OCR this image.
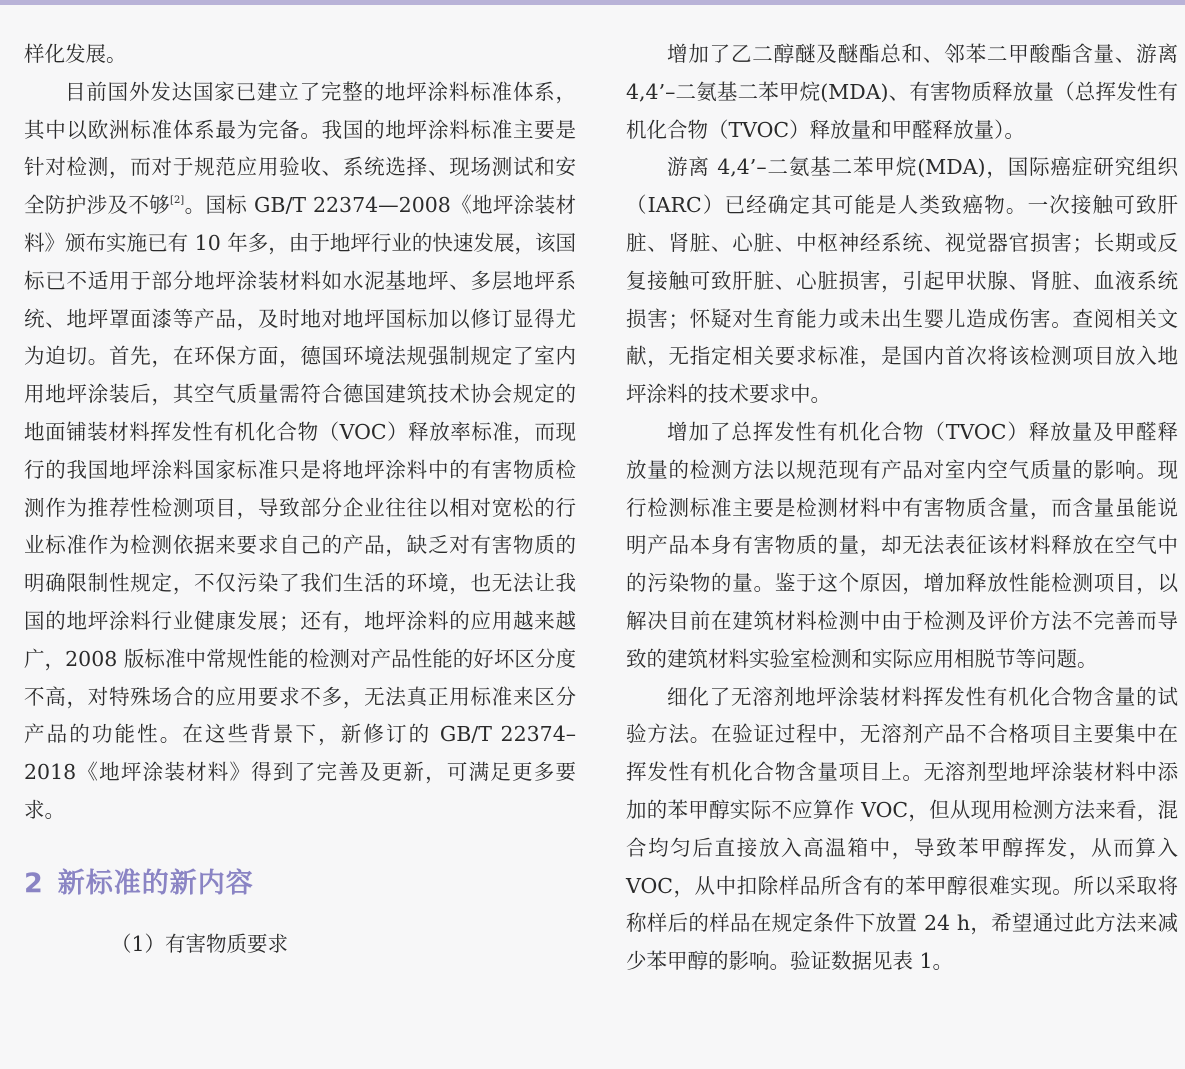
样化发展。

目前国外发达国家已建立了完整的地坪涂料标准体系，其中以欧洲标准体系最为完备。我国的地坪涂料标准主要是针对检测，而对于规范应用验收、系统选择、现场测试和安全防护涉及不够[2]。国标 GB/T 22374—2008《地坪涂装材料》颁布实施已有 10 年多，由于地坪行业的快速发展，该国标已不适用于部分地坪涂装材料如水泥基地坪、多层地坪系统、地坪罩面漆等产品，及时地对地坪国标加以修订显得尤为迫切。首先，在环保方面，德国环境法规强制规定了室内用地坪涂装后，其空气质量需符合德国建筑技术协会规定的地面铺装材料挥发性有机化合物（VOC）释放率标准，而现行的我国地坪涂料国家标准只是将地坪涂料中的有害物质检测作为推荐性检测项目，导致部分企业往往以相对宽松的行业标准作为检测依据来要求自己的产品，缺乏对有害物质的明确限制性规定，不仅污染了我们生活的环境，也无法让我国的地坪涂料行业健康发展；还有，地坪涂料的应用越来越广，2008 版标准中常规性能的检测对产品性能的好坏区分度不高，对特殊场合的应用要求不多，无法真正用标准来区分产品的功能性。在这些背景下，新修订的 GB/T 22374–2018《地坪涂装材料》得到了完善及更新，可满足更多要求。

2 新标准的新内容

（1）有害物质要求

增加了乙二醇醚及醚酯总和、邻苯二甲酸酯含量、游离 4,4’–二氨基二苯甲烷(MDA)、有害物质释放量（总挥发性有机化合物（TVOC）释放量和甲醛释放量）。

游离 4,4’–二氨基二苯甲烷(MDA)，国际癌症研究组织（IARC）已经确定其可能是人类致癌物。一次接触可致肝脏、肾脏、心脏、中枢神经系统、视觉器官损害；长期或反复接触可致肝脏、心脏损害，引起甲状腺、肾脏、血液系统损害；怀疑对生育能力或未出生婴儿造成伤害。查阅相关文献，无指定相关要求标准，是国内首次将该检测项目放入地坪涂料的技术要求中。

增加了总挥发性有机化合物（TVOC）释放量及甲醛释放量的检测方法以规范现有产品对室内空气质量的影响。现行检测标准主要是检测材料中有害物质含量，而含量虽能说明产品本身有害物质的量，却无法表征该材料释放在空气中的污染物的量。鉴于这个原因，增加释放性能检测项目，以解决目前在建筑材料检测中由于检测及评价方法不完善而导致的建筑材料实验室检测和实际应用相脱节等问题。

细化了无溶剂地坪涂装材料挥发性有机化合物含量的试验方法。在验证过程中，无溶剂产品不合格项目主要集中在挥发性有机化合物含量项目上。无溶剂型地坪涂装材料中添加的苯甲醇实际不应算作 VOC，但从现用检测方法来看，混合均匀后直接放入高温箱中，导致苯甲醇挥发，从而算入 VOC，从中扣除样品所含有的苯甲醇很难实现。所以采取将称样后的样品在规定条件下放置 24 h，希望通过此方法来减少苯甲醇的影响。验证数据见表 1。
